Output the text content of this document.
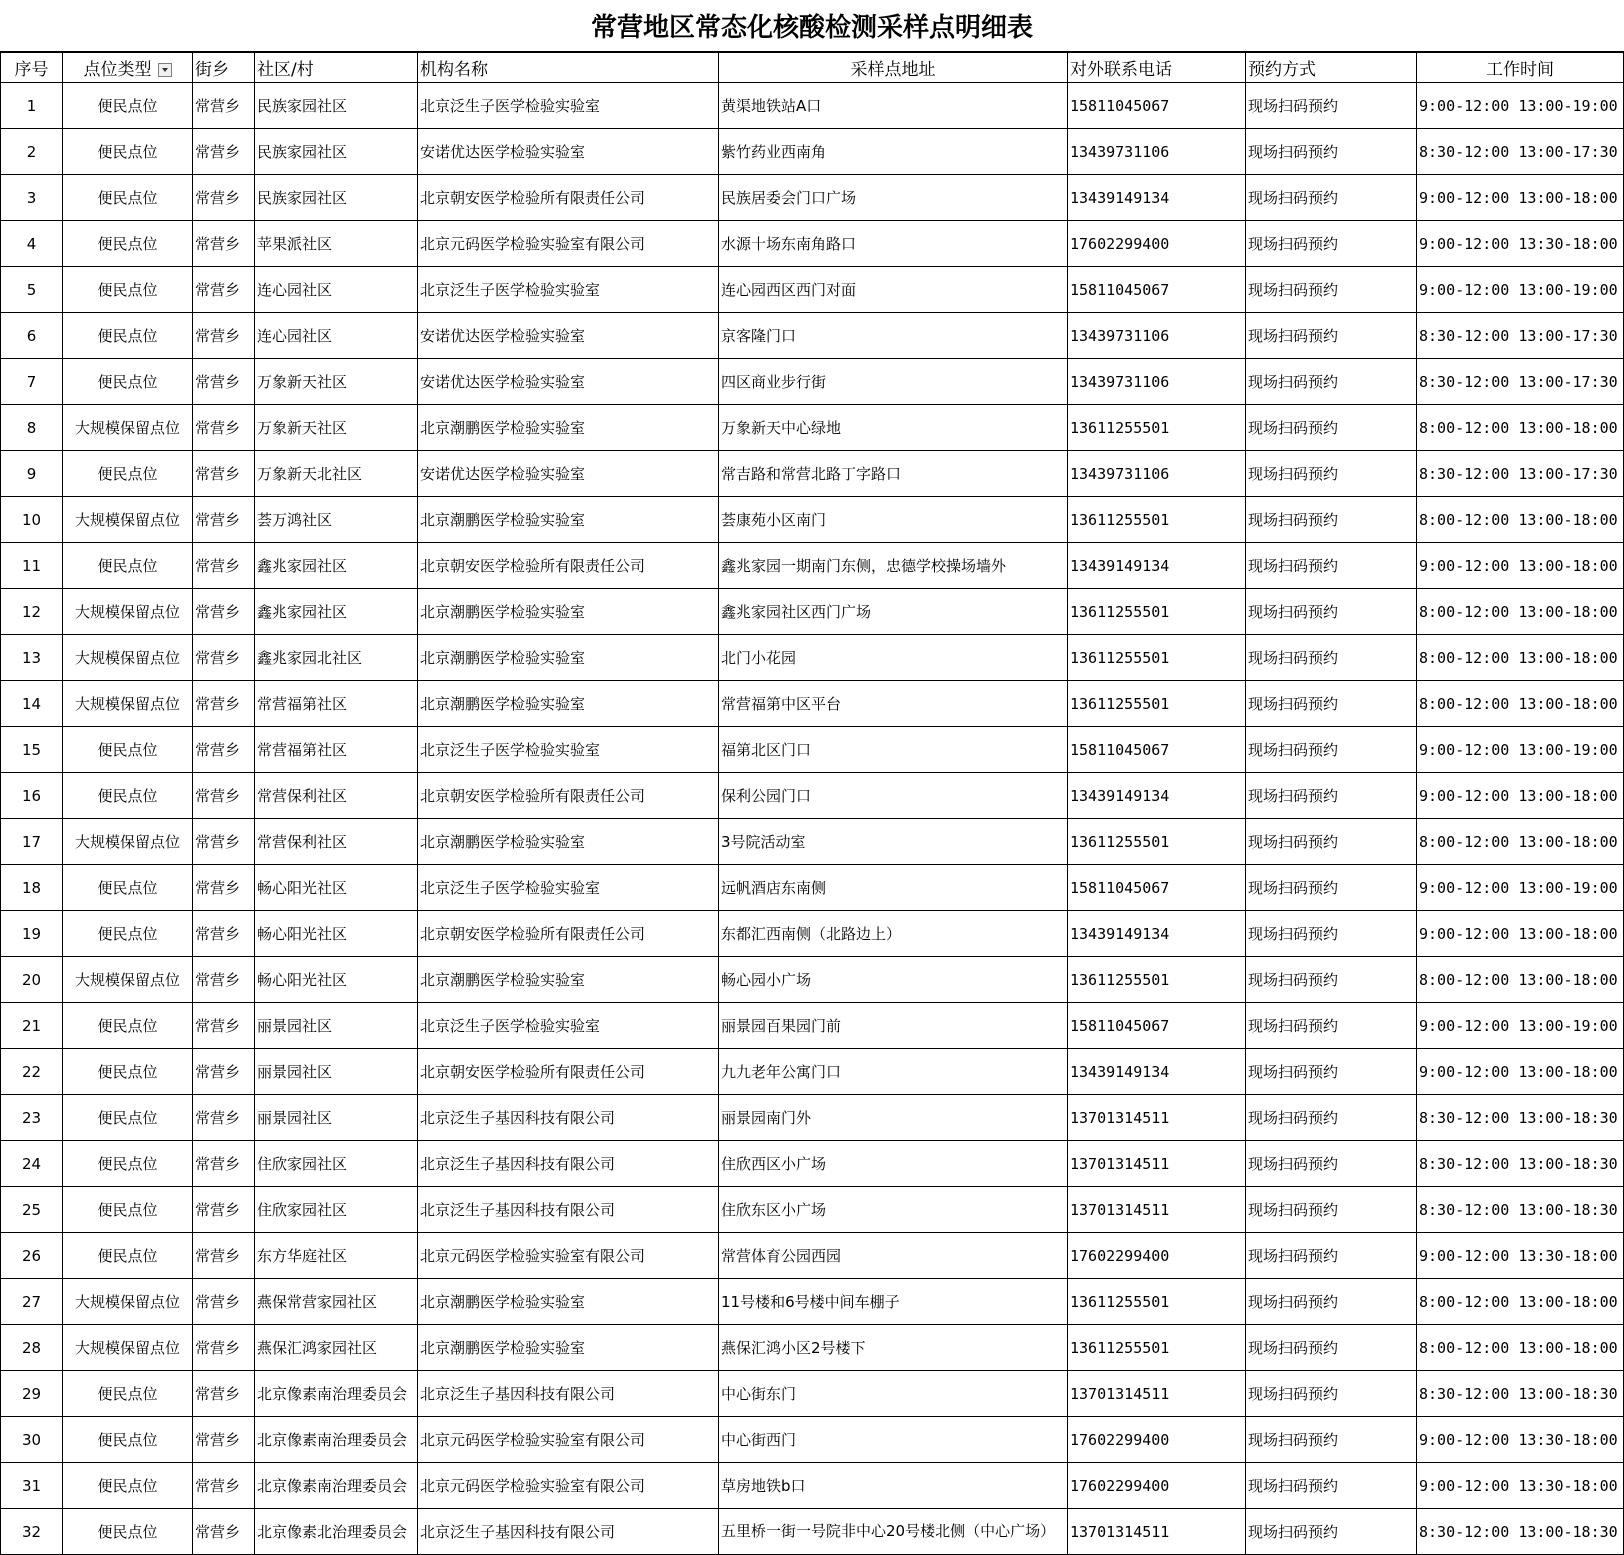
常营地区常态化核酸检测采样点明细表
序号	点位类型	街乡	社区/村	机构名称	采样点地址	对外联系电话	预约方式	工作时间
1	便民点位	常营乡	民族家园社区	北京泛生子医学检验实验室	黄渠地铁站A口	15811045067	现场扫码预约	9:00-12:00 13:00-19:00
2	便民点位	常营乡	民族家园社区	安诺优达医学检验实验室	紫竹药业西南角	13439731106	现场扫码预约	8:30-12:00 13:00-17:30
3	便民点位	常营乡	民族家园社区	北京朝安医学检验所有限责任公司	民族居委会门口广场	13439149134	现场扫码预约	9:00-12:00 13:00-18:00
4	便民点位	常营乡	苹果派社区	北京元码医学检验实验室有限公司	水源十场东南角路口	17602299400	现场扫码预约	9:00-12:00 13:30-18:00
5	便民点位	常营乡	连心园社区	北京泛生子医学检验实验室	连心园西区西门对面	15811045067	现场扫码预约	9:00-12:00 13:00-19:00
6	便民点位	常营乡	连心园社区	安诺优达医学检验实验室	京客隆门口	13439731106	现场扫码预约	8:30-12:00 13:00-17:30
7	便民点位	常营乡	万象新天社区	安诺优达医学检验实验室	四区商业步行街	13439731106	现场扫码预约	8:30-12:00 13:00-17:30
8	大规模保留点位	常营乡	万象新天社区	北京潮鹏医学检验实验室	万象新天中心绿地	13611255501	现场扫码预约	8:00-12:00 13:00-18:00
9	便民点位	常营乡	万象新天北社区	安诺优达医学检验实验室	常吉路和常营北路丁字路口	13439731106	现场扫码预约	8:30-12:00 13:00-17:30
10	大规模保留点位	常营乡	荟万鸿社区	北京潮鹏医学检验实验室	荟康苑小区南门	13611255501	现场扫码预约	8:00-12:00 13:00-18:00
11	便民点位	常营乡	鑫兆家园社区	北京朝安医学检验所有限责任公司	鑫兆家园一期南门东侧，忠德学校操场墙外	13439149134	现场扫码预约	9:00-12:00 13:00-18:00
12	大规模保留点位	常营乡	鑫兆家园社区	北京潮鹏医学检验实验室	鑫兆家园社区西门广场	13611255501	现场扫码预约	8:00-12:00 13:00-18:00
13	大规模保留点位	常营乡	鑫兆家园北社区	北京潮鹏医学检验实验室	北门小花园	13611255501	现场扫码预约	8:00-12:00 13:00-18:00
14	大规模保留点位	常营乡	常营福第社区	北京潮鹏医学检验实验室	常营福第中区平台	13611255501	现场扫码预约	8:00-12:00 13:00-18:00
15	便民点位	常营乡	常营福第社区	北京泛生子医学检验实验室	福第北区门口	15811045067	现场扫码预约	9:00-12:00 13:00-19:00
16	便民点位	常营乡	常营保利社区	北京朝安医学检验所有限责任公司	保利公园门口	13439149134	现场扫码预约	9:00-12:00 13:00-18:00
17	大规模保留点位	常营乡	常营保利社区	北京潮鹏医学检验实验室	3号院活动室	13611255501	现场扫码预约	8:00-12:00 13:00-18:00
18	便民点位	常营乡	畅心阳光社区	北京泛生子医学检验实验室	远帆酒店东南侧	15811045067	现场扫码预约	9:00-12:00 13:00-19:00
19	便民点位	常营乡	畅心阳光社区	北京朝安医学检验所有限责任公司	东都汇西南侧（北路边上）	13439149134	现场扫码预约	9:00-12:00 13:00-18:00
20	大规模保留点位	常营乡	畅心阳光社区	北京潮鹏医学检验实验室	畅心园小广场	13611255501	现场扫码预约	8:00-12:00 13:00-18:00
21	便民点位	常营乡	丽景园社区	北京泛生子医学检验实验室	丽景园百果园门前	15811045067	现场扫码预约	9:00-12:00 13:00-19:00
22	便民点位	常营乡	丽景园社区	北京朝安医学检验所有限责任公司	九九老年公寓门口	13439149134	现场扫码预约	9:00-12:00 13:00-18:00
23	便民点位	常营乡	丽景园社区	北京泛生子基因科技有限公司	丽景园南门外	13701314511	现场扫码预约	8:30-12:00 13:00-18:30
24	便民点位	常营乡	住欣家园社区	北京泛生子基因科技有限公司	住欣西区小广场	13701314511	现场扫码预约	8:30-12:00 13:00-18:30
25	便民点位	常营乡	住欣家园社区	北京泛生子基因科技有限公司	住欣东区小广场	13701314511	现场扫码预约	8:30-12:00 13:00-18:30
26	便民点位	常营乡	东方华庭社区	北京元码医学检验实验室有限公司	常营体育公园西园	17602299400	现场扫码预约	9:00-12:00 13:30-18:00
27	大规模保留点位	常营乡	燕保常营家园社区	北京潮鹏医学检验实验室	11号楼和6号楼中间车棚子	13611255501	现场扫码预约	8:00-12:00 13:00-18:00
28	大规模保留点位	常营乡	燕保汇鸿家园社区	北京潮鹏医学检验实验室	燕保汇鸿小区2号楼下	13611255501	现场扫码预约	8:00-12:00 13:00-18:00
29	便民点位	常营乡	北京像素南治理委员会	北京泛生子基因科技有限公司	中心街东门	13701314511	现场扫码预约	8:30-12:00 13:00-18:30
30	便民点位	常营乡	北京像素南治理委员会	北京元码医学检验实验室有限公司	中心街西门	17602299400	现场扫码预约	9:00-12:00 13:30-18:00
31	便民点位	常营乡	北京像素南治理委员会	北京元码医学检验实验室有限公司	草房地铁b口	17602299400	现场扫码预约	9:00-12:00 13:30-18:00
32	便民点位	常营乡	北京像素北治理委员会	北京泛生子基因科技有限公司	五里桥一街一号院非中心20号楼北侧（中心广场）	13701314511	现场扫码预约	8:30-12:00 13:00-18:30
